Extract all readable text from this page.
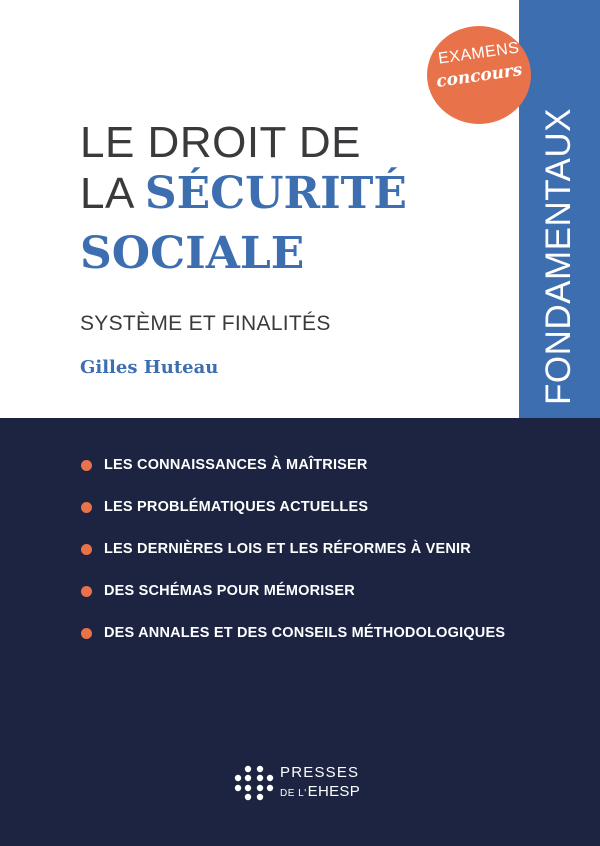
FONDAMENTAUX
EXAMENS
concours
LE DROIT DE
LA SÉCURITÉ
SOCIALE
SYSTÈME ET FINALITÉS
Gilles Huteau
LES CONNAISSANCES À MAÎTRISER
LES PROBLÉMATIQUES ACTUELLES
LES DERNIÈRES LOIS ET LES RÉFORMES À VENIR
DES SCHÉMAS POUR MÉMORISER
DES ANNALES ET DES CONSEILS MÉTHODOLOGIQUES
PRESSES
DE L'EHESP
